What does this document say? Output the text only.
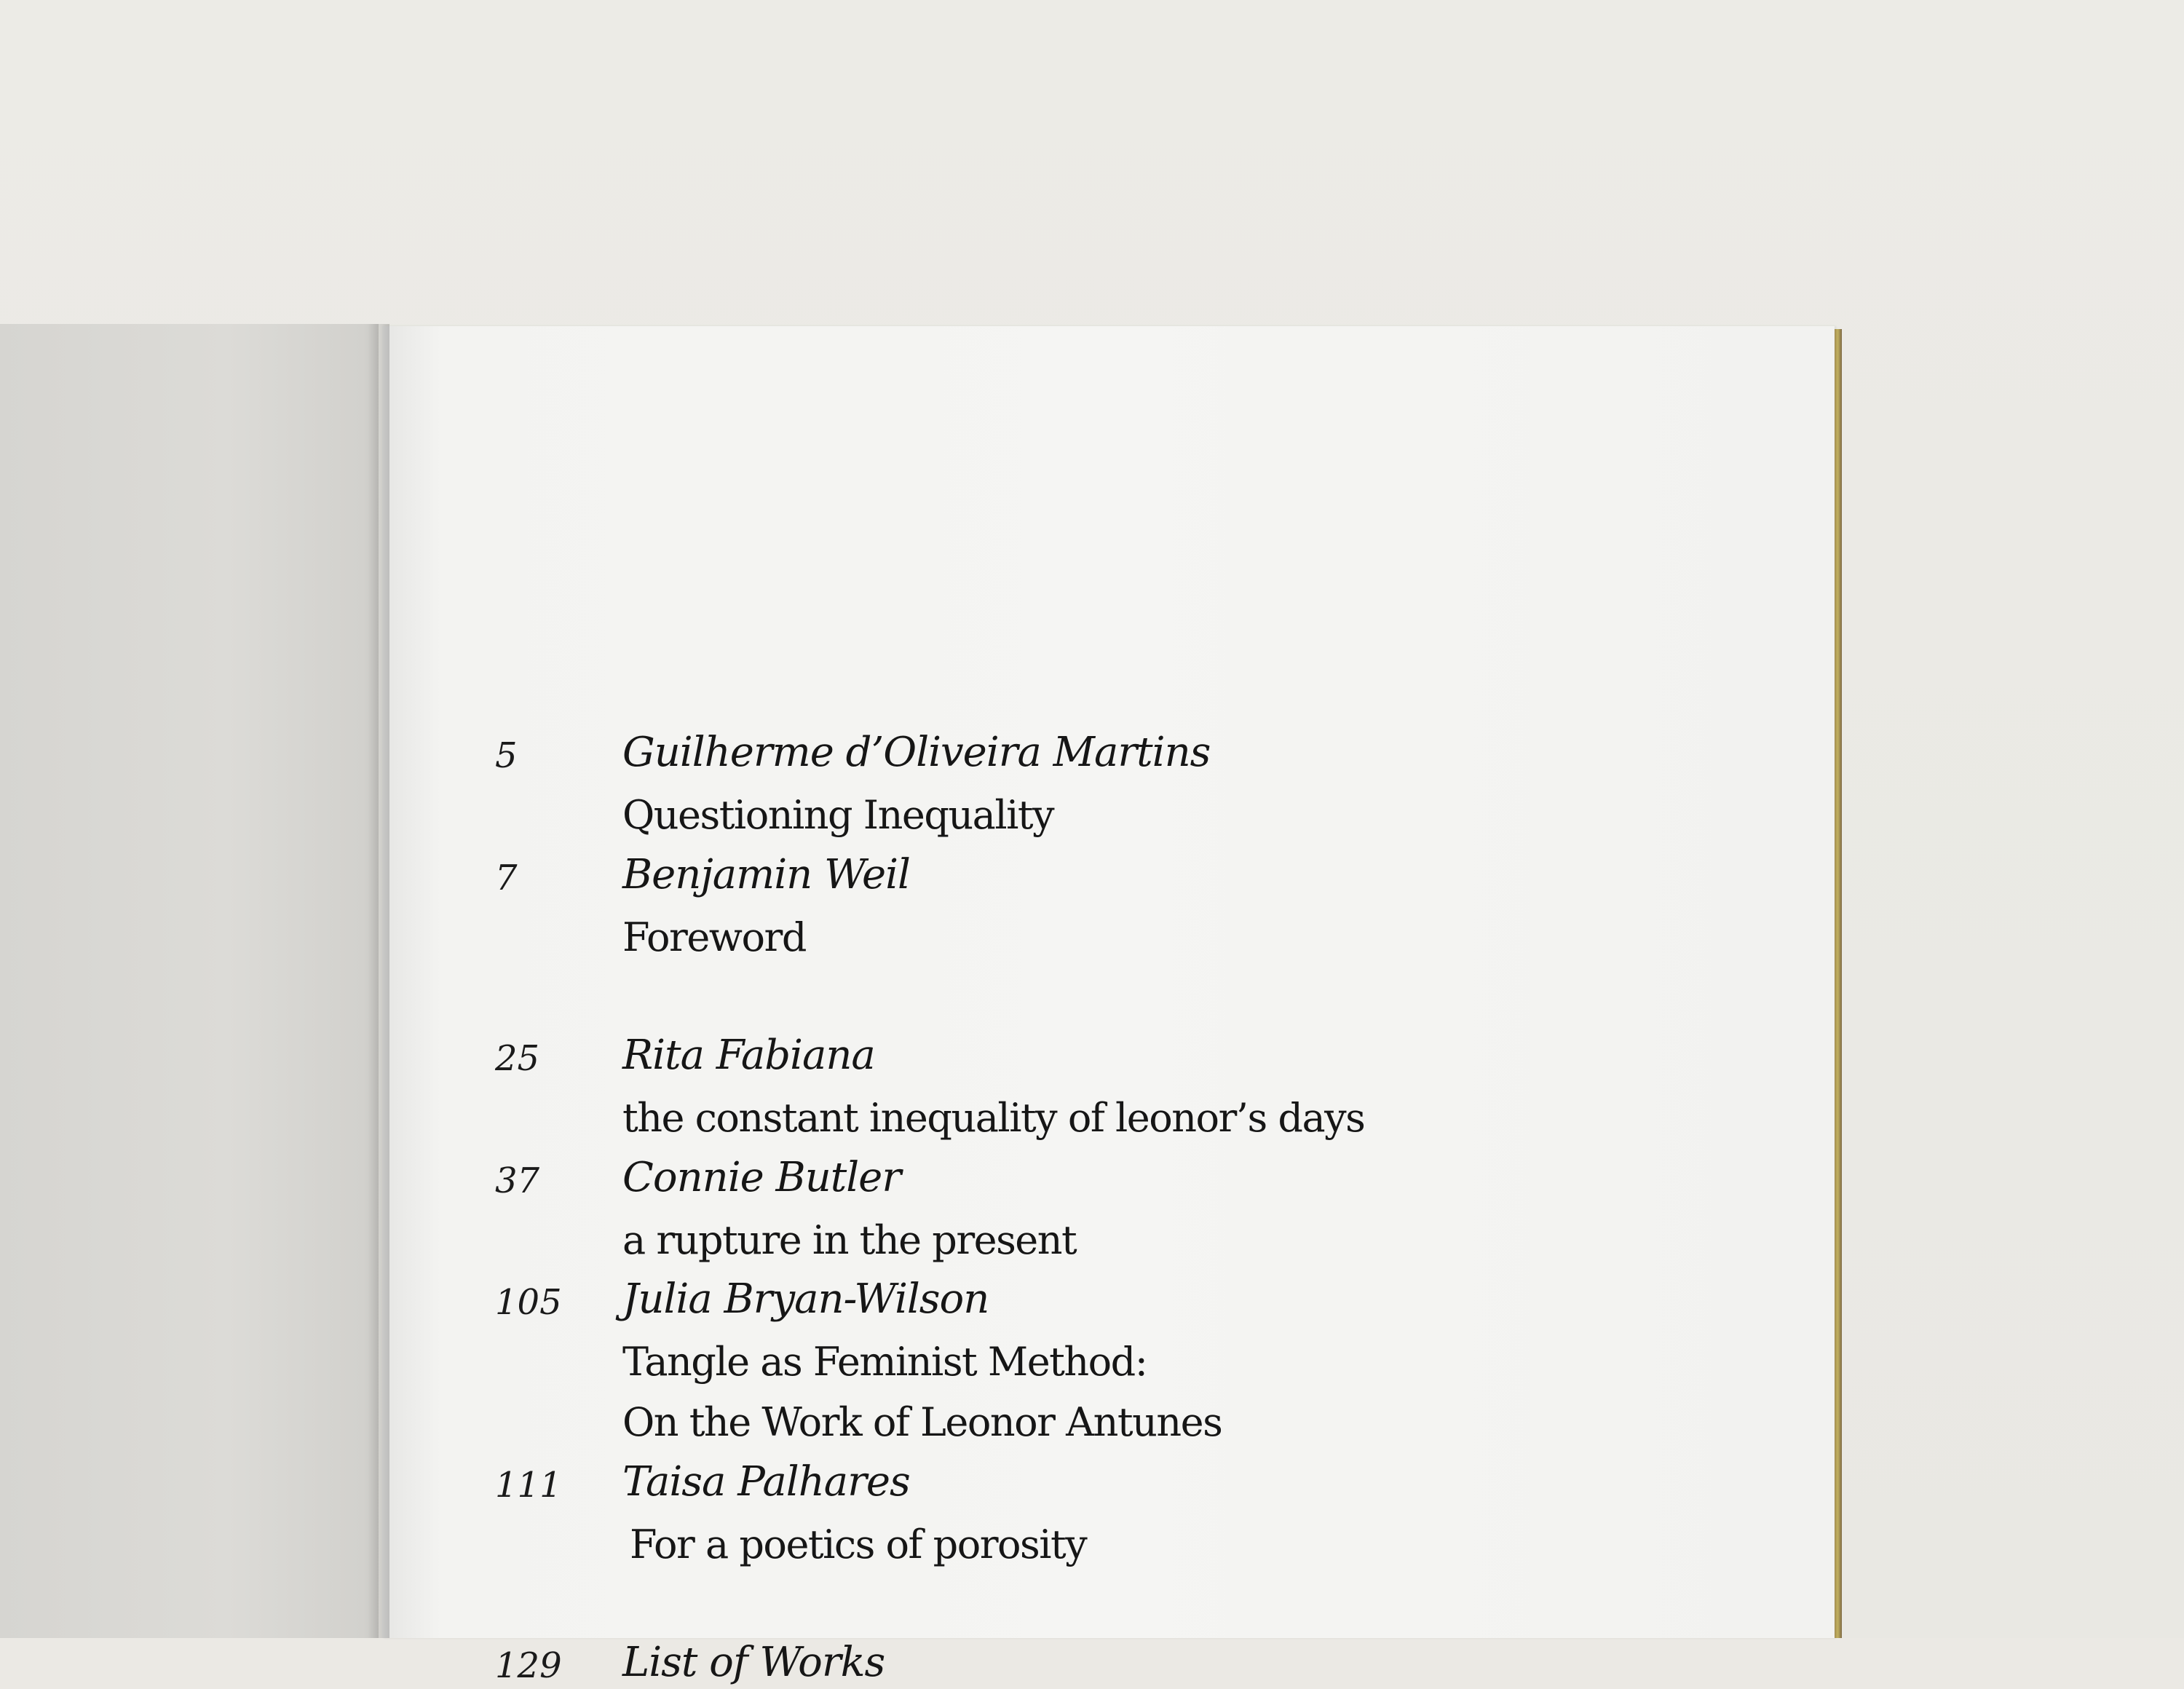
5	Guilherme d’Oliveira Martins
Questioning Inequality
7	Benjamin Weil
Foreword
25 Rita Fabiana
the constant inequality of leonor’s days
37 Connie Butler
a rupture in the present
105 Julia Bryan-Wilson
Tangle as Feminist Method:
On the Work of Leonor Antunes
111 Taisa Palhares
For a poetics of porosity
129 List of Works
